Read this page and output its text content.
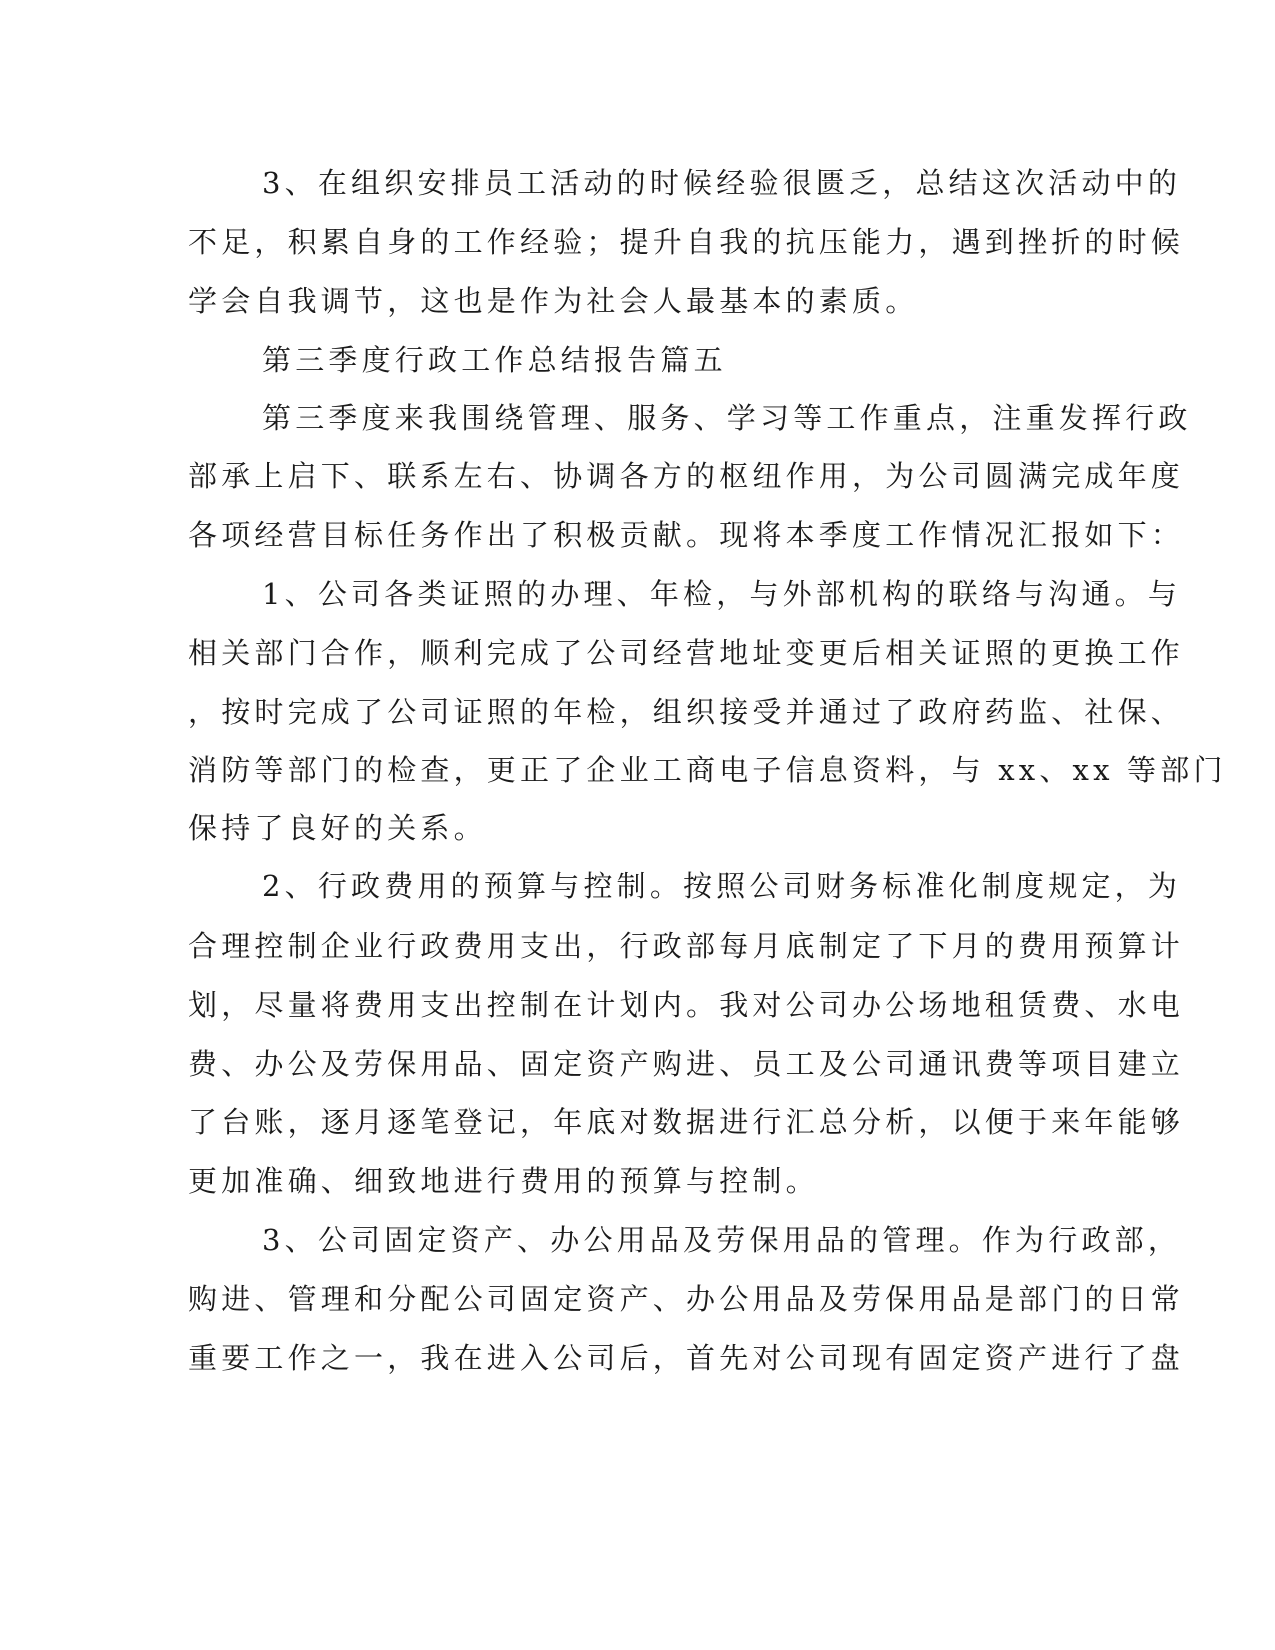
3、在组织安排员工活动的时候经验很匮乏，总结这次活动中的
不足，积累自身的工作经验；提升自我的抗压能力，遇到挫折的时候
学会自我调节，这也是作为社会人最基本的素质。
第三季度行政工作总结报告篇五
第三季度来我围绕管理、服务、学习等工作重点，注重发挥行政
部承上启下、联系左右、协调各方的枢纽作用，为公司圆满完成年度
各项经营目标任务作出了积极贡献。现将本季度工作情况汇报如下：
1、公司各类证照的办理、年检，与外部机构的联络与沟通。与
相关部门合作，顺利完成了公司经营地址变更后相关证照的更换工作
，按时完成了公司证照的年检，组织接受并通过了政府药监、社保、
消防等部门的检查，更正了企业工商电子信息资料，与 xx、xx 等部门
保持了良好的关系。
2、行政费用的预算与控制。按照公司财务标准化制度规定，为
合理控制企业行政费用支出，行政部每月底制定了下月的费用预算计
划，尽量将费用支出控制在计划内。我对公司办公场地租赁费、水电
费、办公及劳保用品、固定资产购进、员工及公司通讯费等项目建立
了台账，逐月逐笔登记，年底对数据进行汇总分析，以便于来年能够
更加准确、细致地进行费用的预算与控制。
3、公司固定资产、办公用品及劳保用品的管理。作为行政部，
购进、管理和分配公司固定资产、办公用品及劳保用品是部门的日常
重要工作之一，我在进入公司后，首先对公司现有固定资产进行了盘
